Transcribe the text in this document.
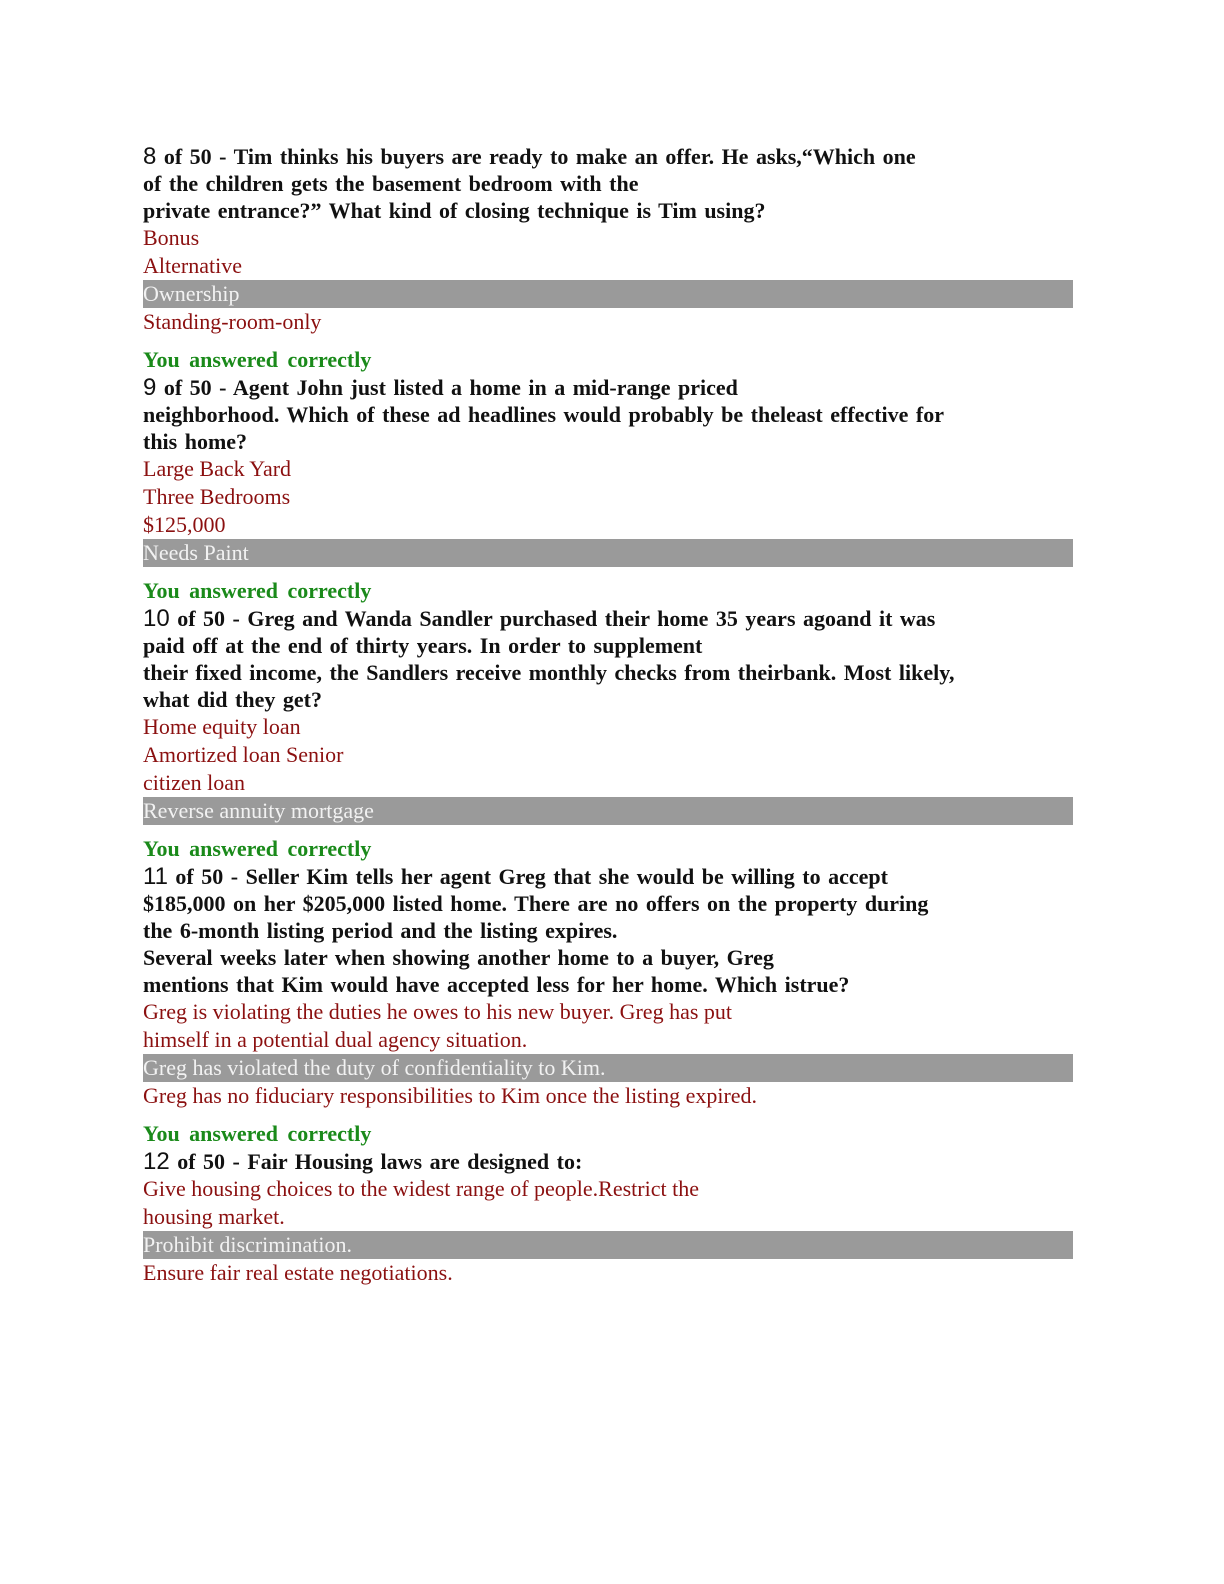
8 of 50 - Tim thinks his buyers are ready to make an offer. He asks,“Which one
of the children gets the basement bedroom with the
private entrance?” What kind of closing technique is Tim using?
Bonus
Alternative
Ownership
Standing-room-only
You answered correctly
9 of 50 - Agent John just listed a home in a mid-range priced
neighborhood. Which of these ad headlines would probably be theleast effective for
this home?
Large Back Yard
Three Bedrooms
$125,000
Needs Paint
You answered correctly
10 of 50 - Greg and Wanda Sandler purchased their home 35 years agoand it was
paid off at the end of thirty years. In order to supplement
their fixed income, the Sandlers receive monthly checks from theirbank. Most likely,
what did they get?
Home equity loan
Amortized loan Senior
citizen loan
Reverse annuity mortgage
You answered correctly
11 of 50 - Seller Kim tells her agent Greg that she would be willing to accept
$185,000 on her $205,000 listed home. There are no offers on the property during
the 6-month listing period and the listing expires.
Several weeks later when showing another home to a buyer, Greg
mentions that Kim would have accepted less for her home. Which istrue?
Greg is violating the duties he owes to his new buyer. Greg has put
himself in a potential dual agency situation.
Greg has violated the duty of confidentiality to Kim.
Greg has no fiduciary responsibilities to Kim once the listing expired.
You answered correctly
12 of 50 - Fair Housing laws are designed to:
Give housing choices to the widest range of people.Restrict the
housing market.
Prohibit discrimination.
Ensure fair real estate negotiations.
